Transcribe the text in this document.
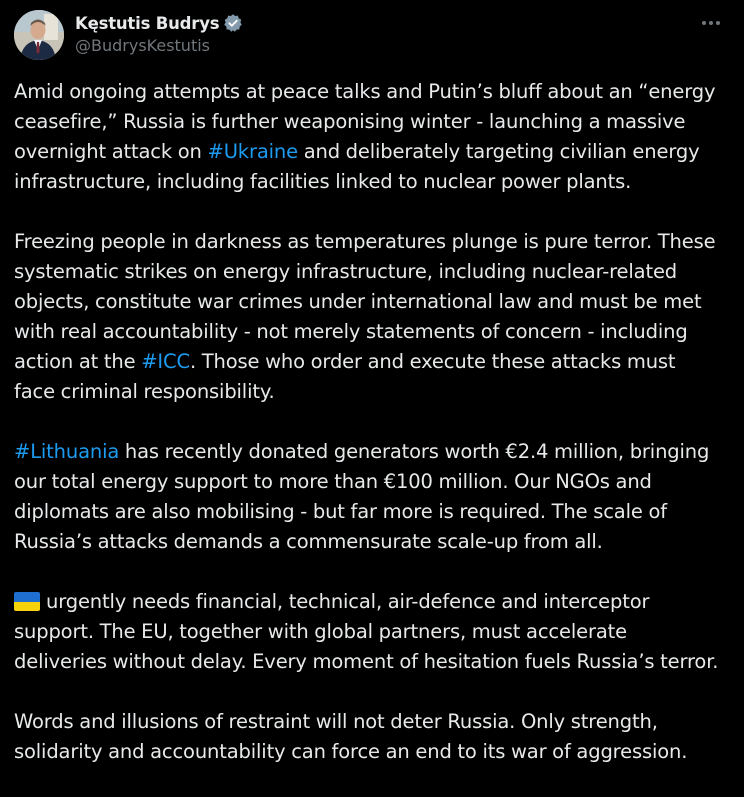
Kęstutis Budrys
@BudrysKestutis
Amid ongoing attempts at peace talks and Putin’s bluff about an “energy
ceasefire,” Russia is further weaponising winter - launching a massive
overnight attack on #Ukraine and deliberately targeting civilian energy
infrastructure, including facilities linked to nuclear power plants.
Freezing people in darkness as temperatures plunge is pure terror. These
systematic strikes on energy infrastructure, including nuclear-related
objects, constitute war crimes under international law and must be met
with real accountability - not merely statements of concern - including
action at the #ICC. Those who order and execute these attacks must
face criminal responsibility.
#Lithuania has recently donated generators worth €2.4 million, bringing
our total energy support to more than €100 million. Our NGOs and
diplomats are also mobilising - but far more is required. The scale of
Russia’s attacks demands a commensurate scale-up from all.
urgently needs financial, technical, air-defence and interceptor
support. The EU, together with global partners, must accelerate
deliveries without delay. Every moment of hesitation fuels Russia’s terror.
Words and illusions of restraint will not deter Russia. Only strength,
solidarity and accountability can force an end to its war of aggression.
